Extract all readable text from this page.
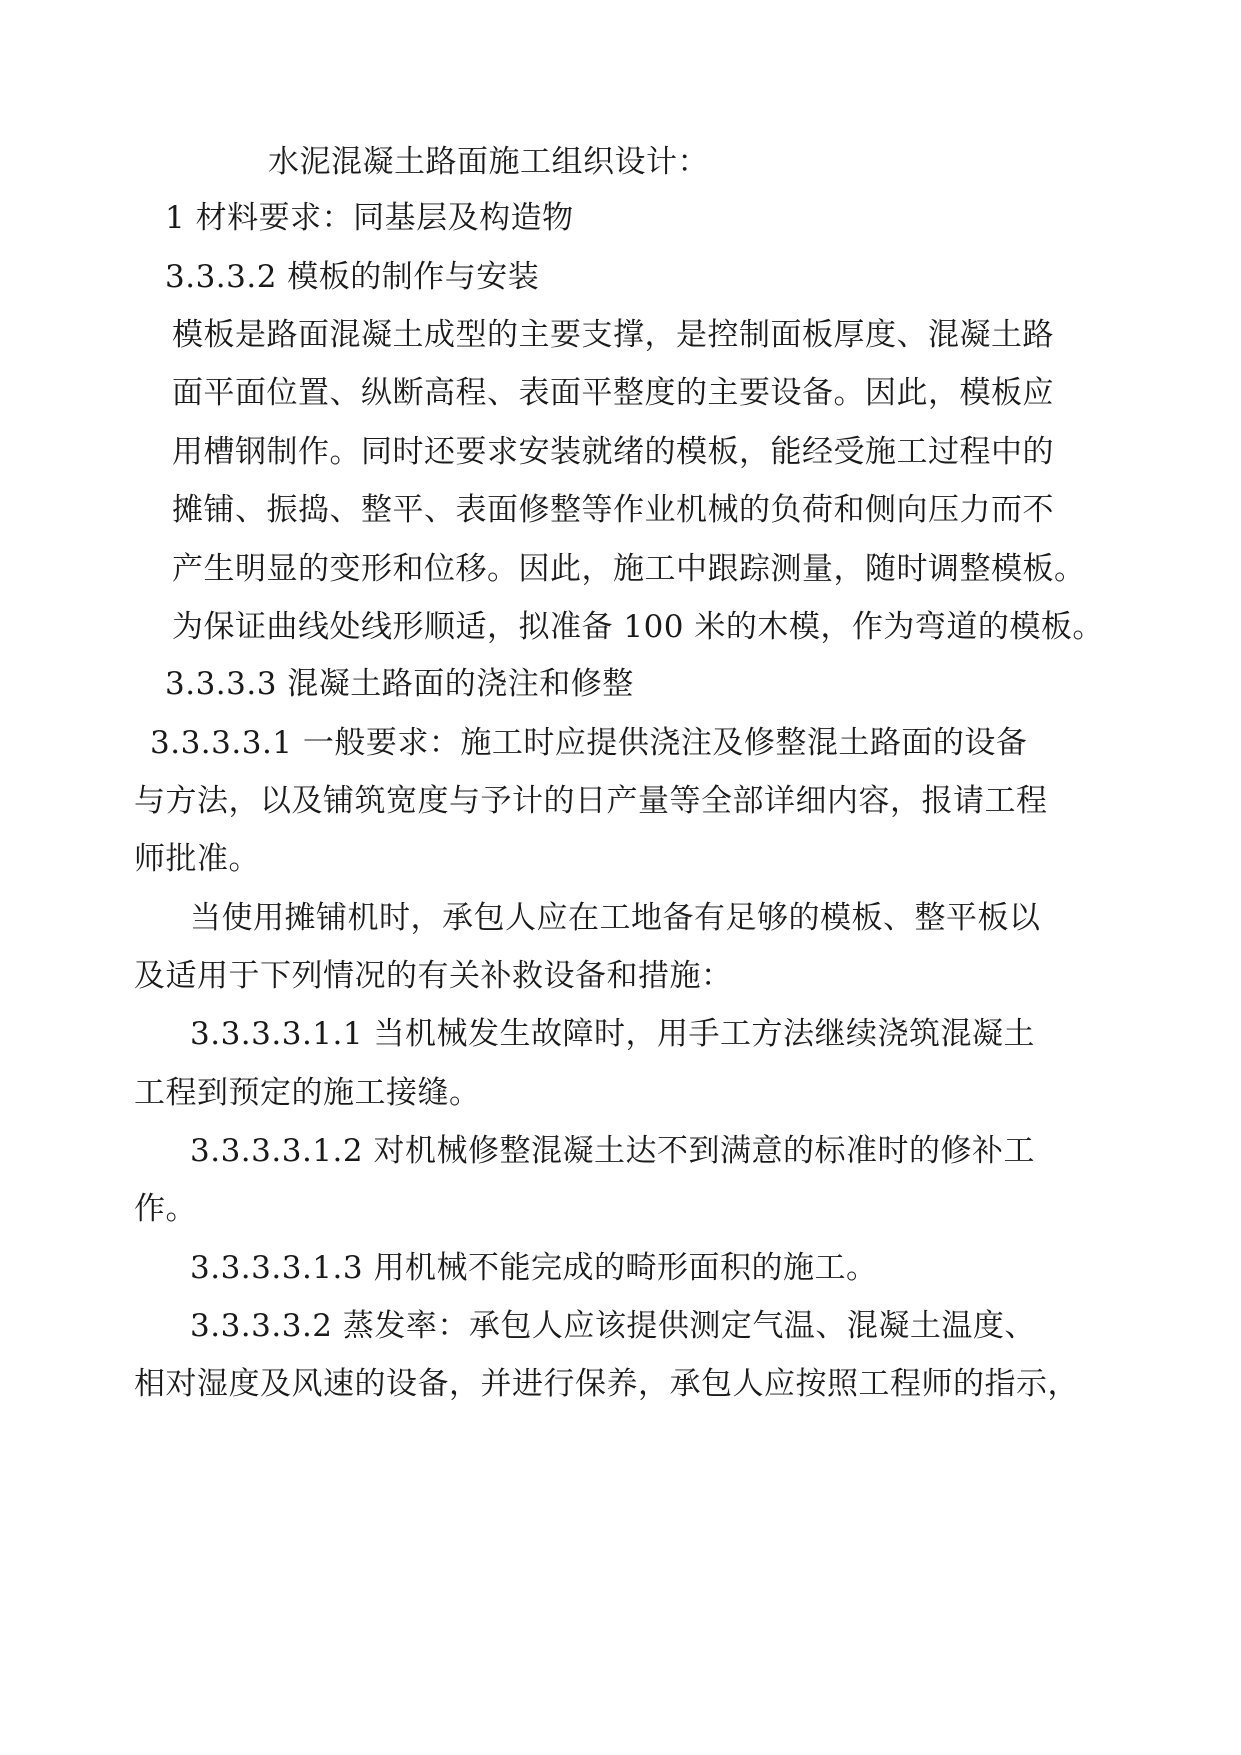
水泥混凝土路面施工组织设计：
1 材料要求：同基层及构造物
3.3.3.2 模板的制作与安装
模板是路面混凝土成型的主要支撑，是控制面板厚度、混凝土路
面平面位置、纵断高程、表面平整度的主要设备。因此，模板应
用槽钢制作。同时还要求安装就绪的模板，能经受施工过程中的
摊铺、振捣、整平、表面修整等作业机械的负荷和侧向压力而不
产生明显的变形和位移。因此，施工中跟踪测量，随时调整模板。
为保证曲线处线形顺适，拟准备 100 米的木模，作为弯道的模板。
3.3.3.3 混凝土路面的浇注和修整
3.3.3.3.1 一般要求：施工时应提供浇注及修整混土路面的设备
与方法，以及铺筑宽度与予计的日产量等全部详细内容，报请工程
师批准。
当使用摊铺机时，承包人应在工地备有足够的模板、整平板以
及适用于下列情况的有关补救设备和措施：
3.3.3.3.1.1 当机械发生故障时，用手工方法继续浇筑混凝土
工程到预定的施工接缝。
3.3.3.3.1.2 对机械修整混凝土达不到满意的标准时的修补工
作。
3.3.3.3.1.3 用机械不能完成的畸形面积的施工。
3.3.3.3.2 蒸发率：承包人应该提供测定气温、混凝土温度、
相对湿度及风速的设备，并进行保养，承包人应按照工程师的指示，
